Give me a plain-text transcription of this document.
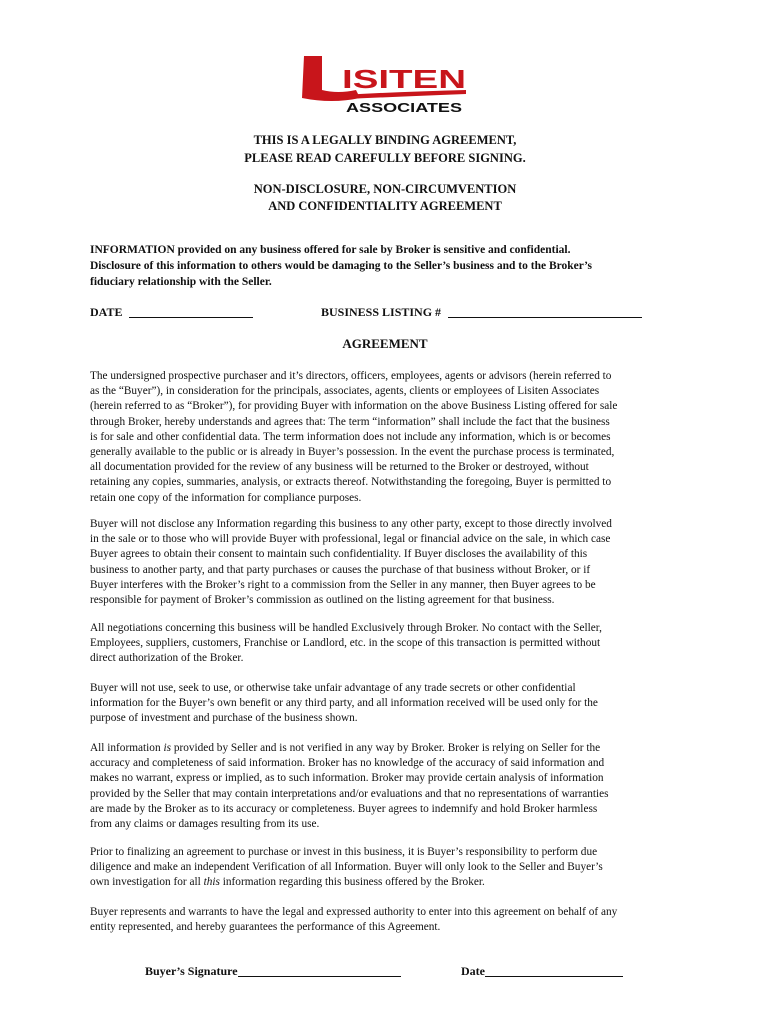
ISITEN
ASSOCIATES
THIS IS A LEGALLY BINDING AGREEMENT,
PLEASE READ CAREFULLY BEFORE SIGNING.
NON-DISCLOSURE, NON-CIRCUMVENTION
AND CONFIDENTIALITY AGREEMENT
INFORMATION provided on any business offered for sale by Broker is sensitive and confidential.
Disclosure of this information to others would be damaging to the Seller’s business and to the Broker’s
fiduciary relationship with the Seller.
DATE	BUSINESS LISTING #
AGREEMENT
The undersigned prospective purchaser and it’s directors, officers, employees, agents or advisors (herein referred to
as the “Buyer”), in consideration for the principals, associates, agents, clients or employees of Lisiten Associates
(herein referred to as “Broker”), for providing Buyer with information on the above Business Listing offered for sale
through Broker, hereby understands and agrees that: The term “information” shall include the fact that the business
is for sale and other confidential data. The term information does not include any information, which is or becomes
generally available to the public or is already in Buyer’s possession. In the event the purchase process is terminated,
all documentation provided for the review of any business will be returned to the Broker or destroyed, without
retaining any copies, summaries, analysis, or extracts thereof. Notwithstanding the foregoing, Buyer is permitted to
retain one copy of the information for compliance purposes.
Buyer will not disclose any Information regarding this business to any other party, except to those directly involved
in the sale or to those who will provide Buyer with professional, legal or financial advice on the sale, in which case
Buyer agrees to obtain their consent to maintain such confidentiality. If Buyer discloses the availability of this
business to another party, and that party purchases or causes the purchase of that business without Broker, or if
Buyer interferes with the Broker’s right to a commission from the Seller in any manner, then Buyer agrees to be
responsible for payment of Broker’s commission as outlined on the listing agreement for that business.
All negotiations concerning this business will be handled Exclusively through Broker. No contact with the Seller,
Employees, suppliers, customers, Franchise or Landlord, etc. in the scope of this transaction is permitted without
direct authorization of the Broker.
Buyer will not use, seek to use, or otherwise take unfair advantage of any trade secrets or other confidential
information for the Buyer’s own benefit or any third party, and all information received will be used only for the
purpose of investment and purchase of the business shown.
All information is provided by Seller and is not verified in any way by Broker. Broker is relying on Seller for the
accuracy and completeness of said information. Broker has no knowledge of the accuracy of said information and
makes no warrant, express or implied, as to such information. Broker may provide certain analysis of information
provided by the Seller that may contain interpretations and/or evaluations and that no representations of warranties
are made by the Broker as to its accuracy or completeness. Buyer agrees to indemnify and hold Broker harmless
from any claims or damages resulting from its use.
Prior to finalizing an agreement to purchase or invest in this business, it is Buyer’s responsibility to perform due
diligence and make an independent Verification of all Information. Buyer will only look to the Seller and Buyer’s
own investigation for all this information regarding this business offered by the Broker.
Buyer represents and warrants to have the legal and expressed authority to enter into this agreement on behalf of any
entity represented, and hereby guarantees the performance of this Agreement.
Buyer’s Signature	Date
